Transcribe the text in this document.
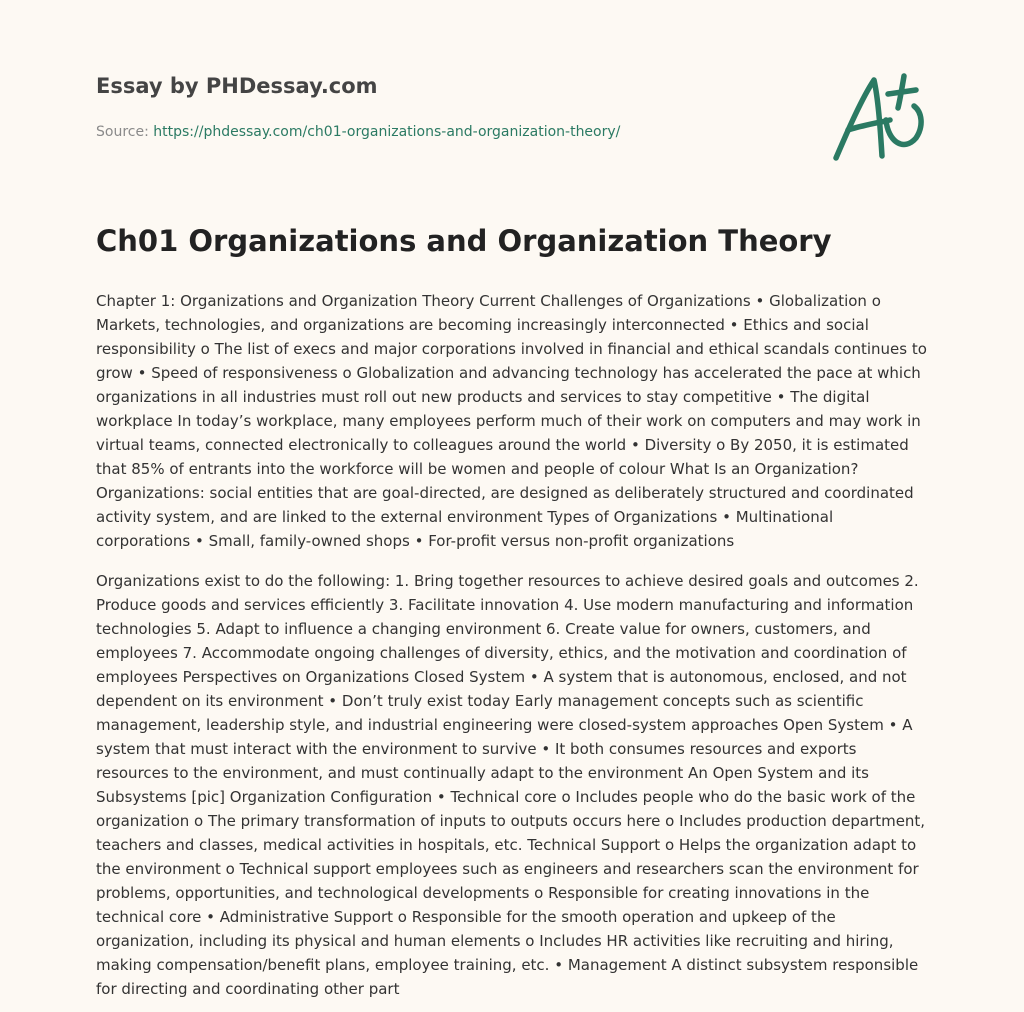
Essay by PHDessay.com

Source: https://phdessay.com/ch01-organizations-and-organization-theory/

Ch01 Organizations and Organization Theory

Chapter 1: Organizations and Organization Theory Current Challenges of Organizations • Globalization o Markets, technologies, and organizations are becoming increasingly interconnected • Ethics and social responsibility o The list of execs and major corporations involved in financial and ethical scandals continues to grow • Speed of responsiveness o Globalization and advancing technology has accelerated the pace at which organizations in all industries must roll out new products and services to stay competitive • The digital workplace In today’s workplace, many employees perform much of their work on computers and may work in virtual teams, connected electronically to colleagues around the world • Diversity o By 2050, it is estimated that 85% of entrants into the workforce will be women and people of colour What Is an Organization? Organizations: social entities that are goal-directed, are designed as deliberately structured and coordinated activity system, and are linked to the external environment Types of Organizations • Multinational corporations • Small, family-owned shops • For-profit versus non-profit organizations

Organizations exist to do the following: 1. Bring together resources to achieve desired goals and outcomes 2. Produce goods and services efficiently 3. Facilitate innovation 4. Use modern manufacturing and information technologies 5. Adapt to influence a changing environment 6. Create value for owners, customers, and employees 7. Accommodate ongoing challenges of diversity, ethics, and the motivation and coordination of employees Perspectives on Organizations Closed System • A system that is autonomous, enclosed, and not dependent on its environment • Don’t truly exist today Early management concepts such as scientific management, leadership style, and industrial engineering were closed-system approaches Open System • A system that must interact with the environment to survive • It both consumes resources and exports resources to the environment, and must continually adapt to the environment An Open System and its Subsystems [pic] Organization Configuration • Technical core o Includes people who do the basic work of the organization o The primary transformation of inputs to outputs occurs here o Includes production department, teachers and classes, medical activities in hospitals, etc. Technical Support o Helps the organization adapt to the environment o Technical support employees such as engineers and researchers scan the environment for problems, opportunities, and technological developments o Responsible for creating innovations in the technical core • Administrative Support o Responsible for the smooth operation and upkeep of the organization, including its physical and human elements o Includes HR activities like recruiting and hiring, making compensation/benefit plans, employee training, etc. • Management A distinct subsystem responsible for directing and coordinating other part
